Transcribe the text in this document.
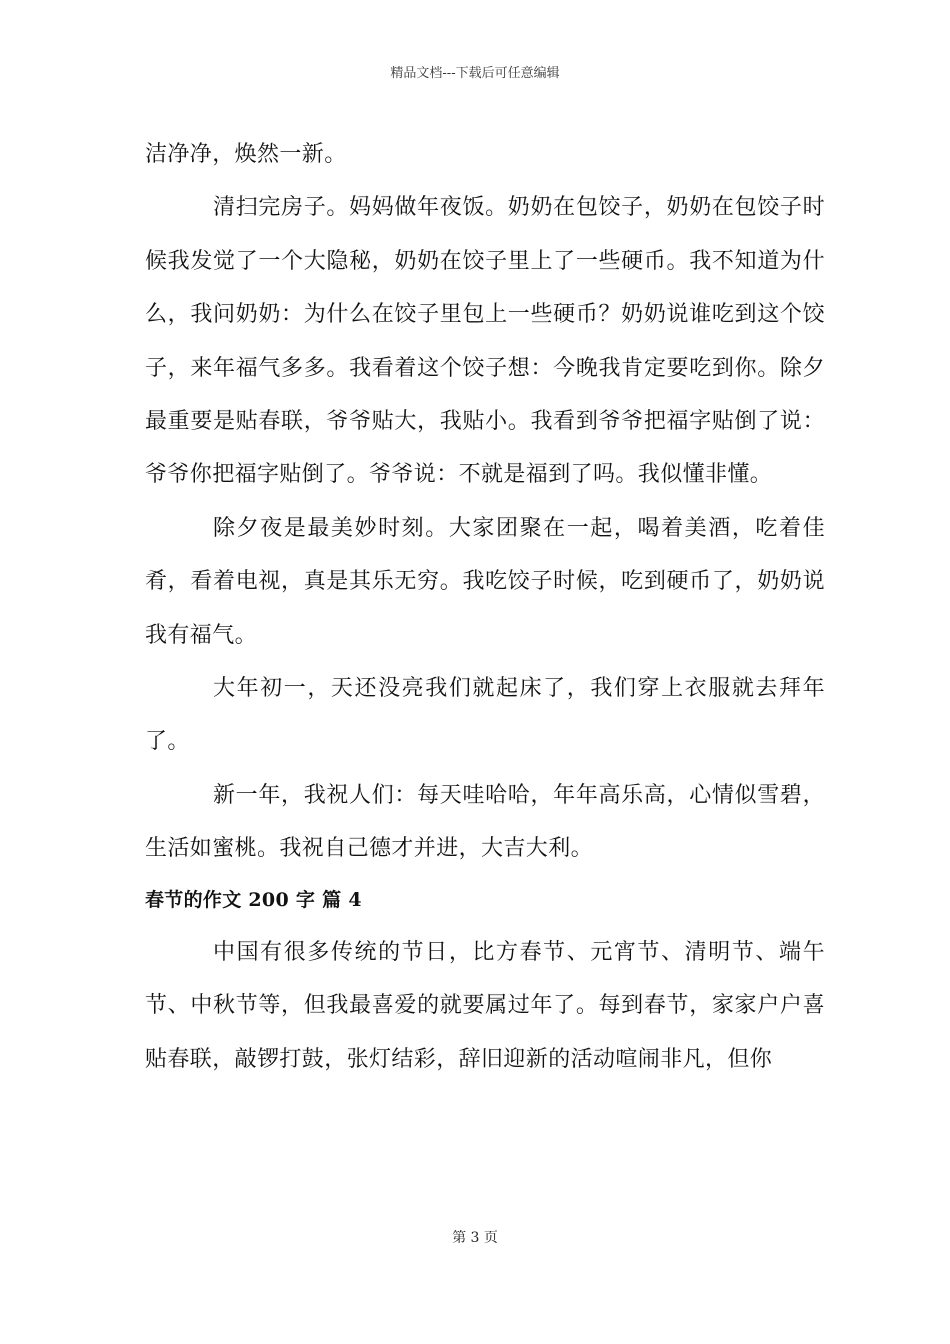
精品文档---下载后可任意编辑

洁净净，焕然一新。

清扫完房子。妈妈做年夜饭。奶奶在包饺子，奶奶在包饺子时候我发觉了一个大隐秘，奶奶在饺子里上了一些硬币。我不知道为什么，我问奶奶：为什么在饺子里包上一些硬币？奶奶说谁吃到这个饺子，来年福气多多。我看着这个饺子想：今晚我肯定要吃到你。除夕最重要是贴春联，爷爷贴大，我贴小。我看到爷爷把福字贴倒了说：爷爷你把福字贴倒了。爷爷说：不就是福到了吗。我似懂非懂。

除夕夜是最美妙时刻。大家团聚在一起，喝着美酒，吃着佳肴，看着电视，真是其乐无穷。我吃饺子时候，吃到硬币了，奶奶说我有福气。

大年初一，天还没亮我们就起床了，我们穿上衣服就去拜年了。

新一年，我祝人们：每天哇哈哈，年年高乐高，心情似雪碧，生活如蜜桃。我祝自己德才并进，大吉大利。

春节的作文 200 字 篇 4

中国有很多传统的节日，比方春节、元宵节、清明节、端午节、中秋节等，但我最喜爱的就要属过年了。每到春节，家家户户喜贴春联，敲锣打鼓，张灯结彩，辞旧迎新的活动喧闹非凡，但你

第 3 页
